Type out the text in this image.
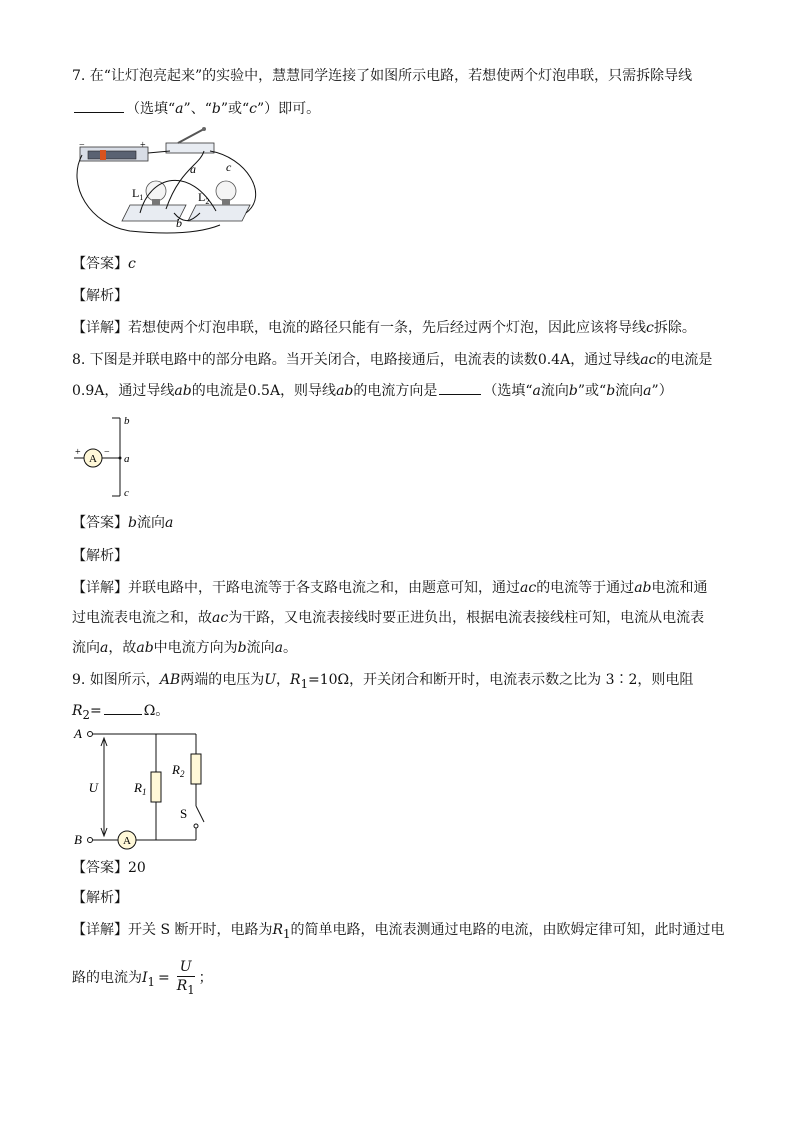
7. 在“让灯泡亮起来”的实验中，慧慧同学连接了如图所示电路，若想使两个灯泡串联，只需拆除导线
（选填“a”、“b”或“c”）即可。
−	+
a	c
b
$L_1$	$L_2$
【答案】c
【解析】
【详解】若想使两个灯泡串联，电流的路径只能有一条，先后经过两个灯泡，因此应该将导线c拆除。
8. 下图是并联电路中的部分电路。当开关闭合，电路接通后，电流表的读数0.4A，通过导线ac的电流是
0.9A，通过导线ab的电流是0.5A，则导线ab的电流方向是	（选填“a流向b”或“b流向a”）
A
+ −
b
a
c
【答案】b流向a
【解析】
【详解】并联电路中，干路电流等于各支路电流之和，由题意可知，通过ac的电流等于通过ab电流和通
过电流表电流之和，故ac为干路，又电流表接线时要正进负出，根据电流表接线柱可知，电流从电流表
流向a，故ab中电流方向为b流向a。
9. 如图所示，AB两端的电压为U，$R_1=10\Omega$，开关闭合和断开时，电流表示数之比为 3∶2，则电阻
$R_2=$	Ω。
A
B	A
U	$R_1$
$R_2$
S
【答案】20
【解析】
【详解】开关 S 断开时，电路为$R_1$的简单电路，电流表测通过电路的电流，由欧姆定律可知，此时通过电
路的电流为$I_1 = \frac{U}{R_1}$ ；
